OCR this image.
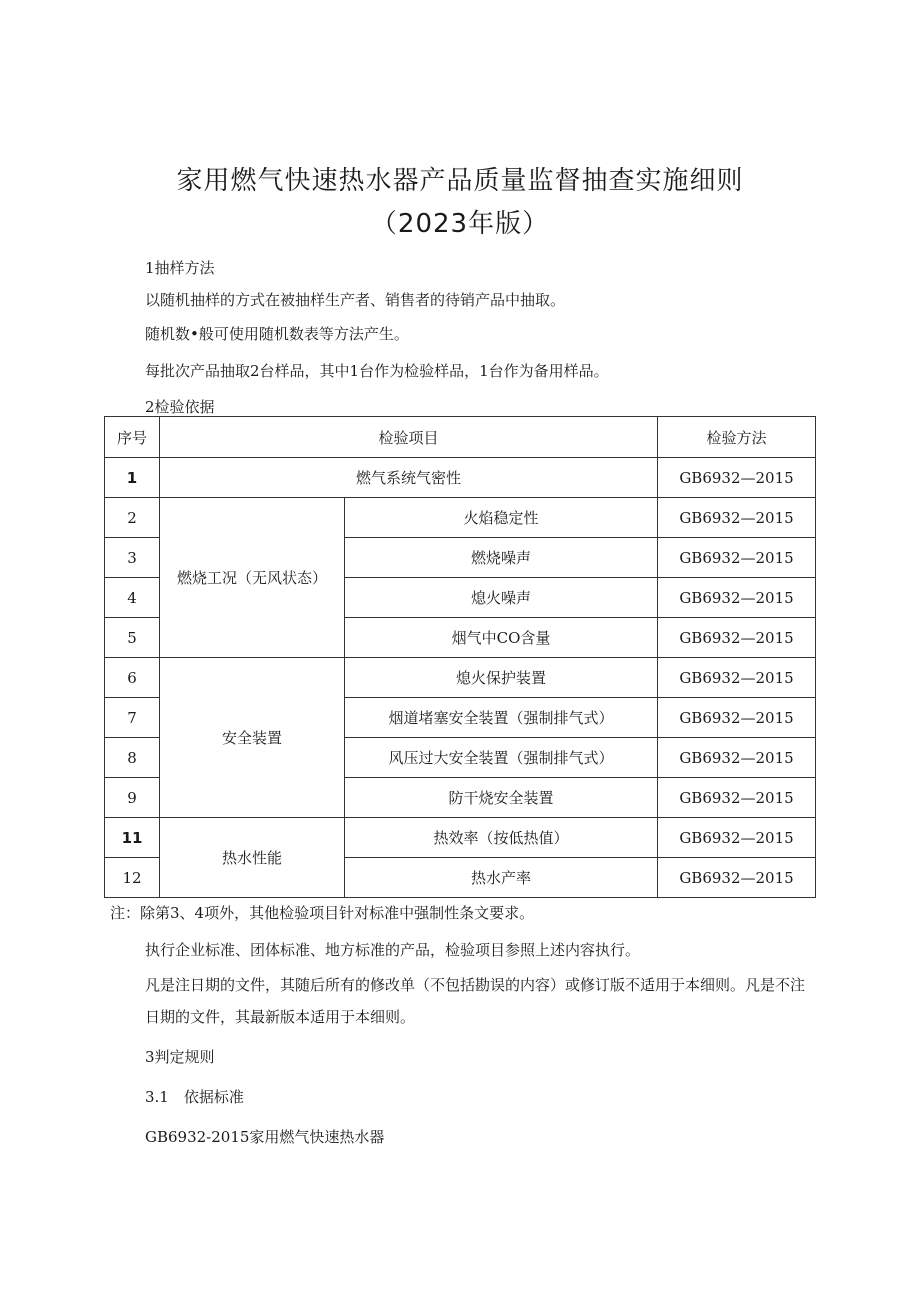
家用燃气快速热水器产品质量监督抽查实施细则
（2023年版）
1抽样方法
以随机抽样的方式在被抽样生产者、销售者的待销产品中抽取。
随机数•般可使用随机数表等方法产生。
每批次产品抽取2台样品，其中1台作为检验样品，1台作为备用样品。
2检验依据
序号	检验项目		检验方法
1	燃气系统气密性		GB6932—2015
2	燃烧工况（无风状态）	火焰稳定性	GB6932—2015
3		燃烧噪声	GB6932—2015
4		熄火噪声	GB6932—2015
5		烟气中CO含量	GB6932—2015
6	安全装置	熄火保护装置	GB6932—2015
7		烟道堵塞安全装置（强制排气式）	GB6932—2015
8		风压过大安全装置（强制排气式）	GB6932—2015
9		防干烧安全装置	GB6932—2015
11	热水性能	热效率（按低热值）	GB6932—2015
12		热水产率	GB6932—2015
注：除第3、4项外，其他检验项目针对标准中强制性条文要求。
执行企业标准、团体标准、地方标准的产品，检验项目参照上述内容执行。
凡是注日期的文件，其随后所有的修改单（不包括勘误的内容）或修订版不适用于本细则。凡是不注日期的文件，其最新版本适用于本细则。
3判定规则
3.1　依据标准
GB6932-2015家用燃气快速热水器
